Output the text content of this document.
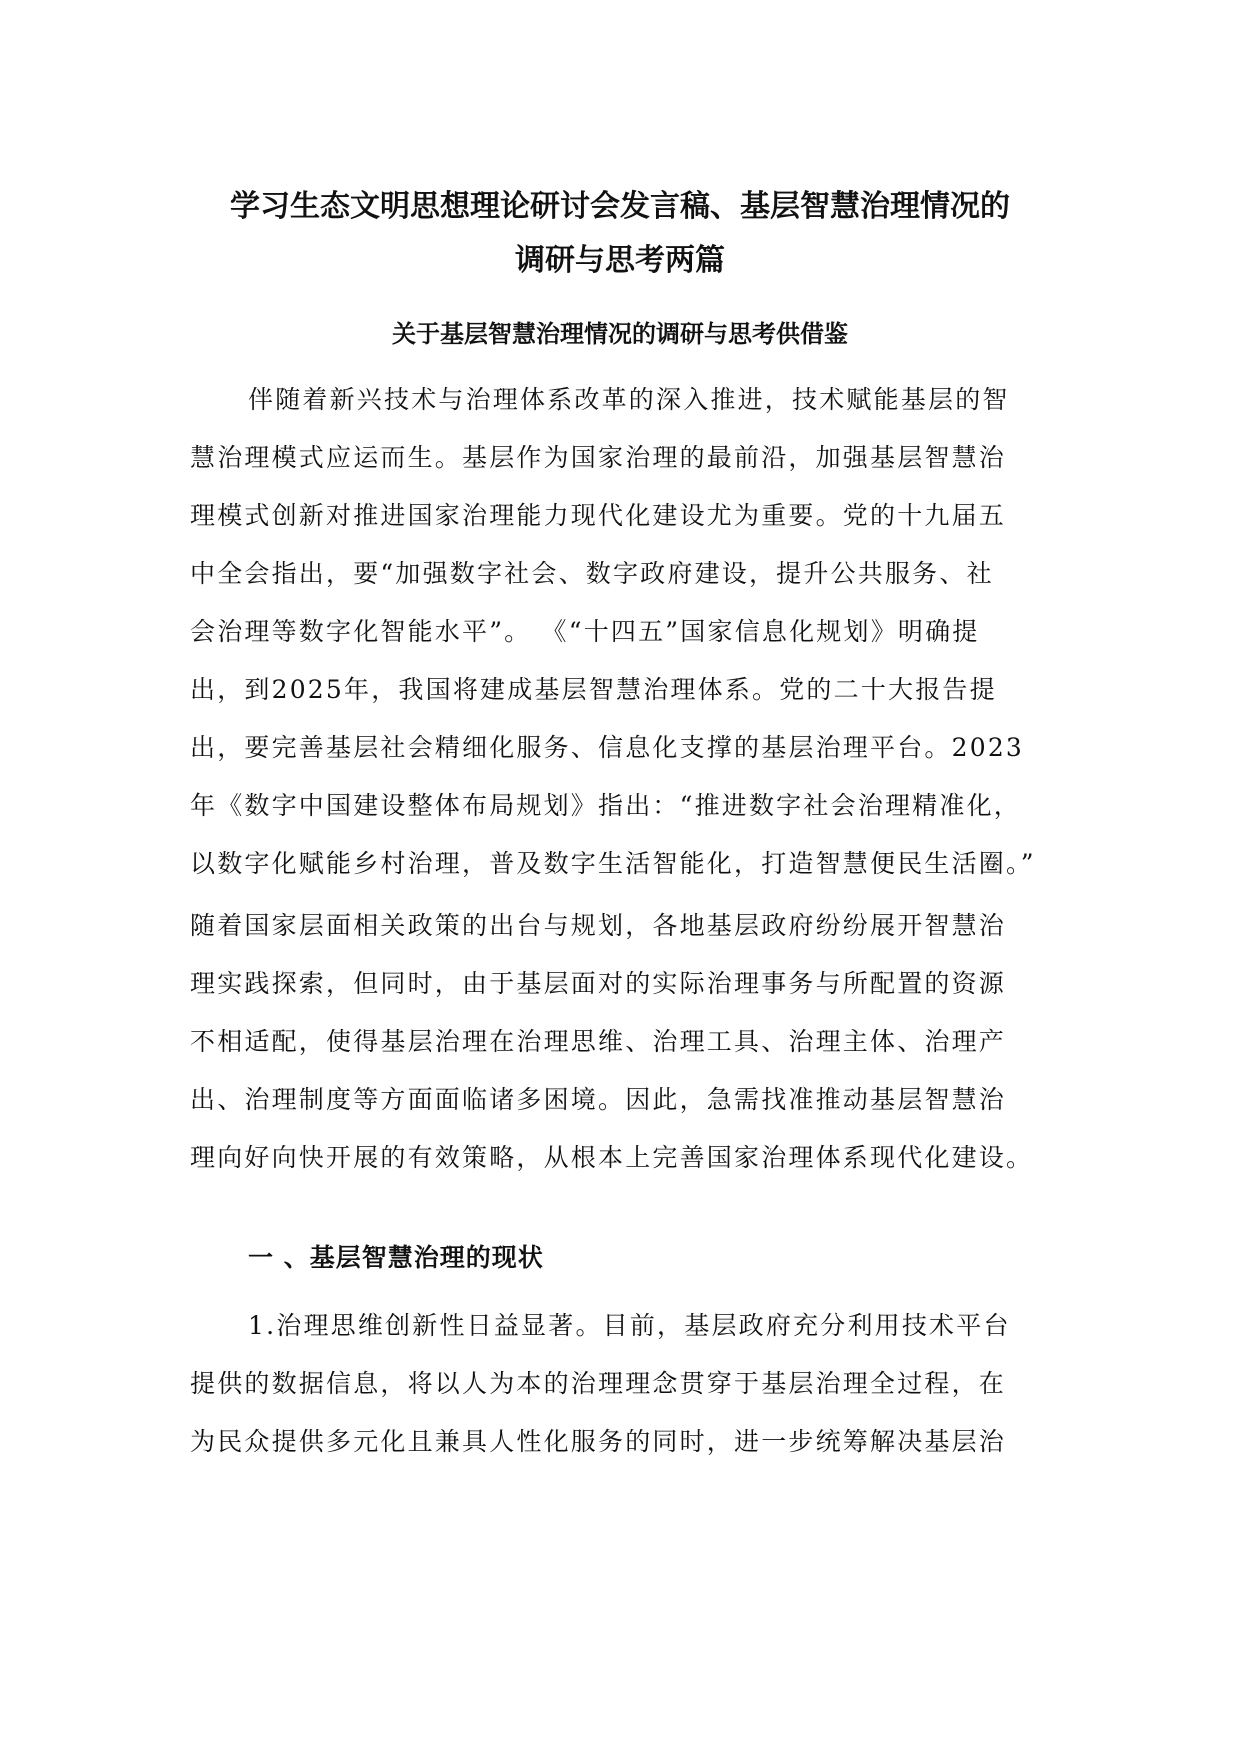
学习生态文明思想理论研讨会发言稿、基层智慧治理情况的
调研与思考两篇
关于基层智慧治理情况的调研与思考供借鉴
伴随着新兴技术与治理体系改革的深入推进，技术赋能基层的智
慧治理模式应运而生。基层作为国家治理的最前沿，加强基层智慧治
理模式创新对推进国家治理能力现代化建设尤为重要。党的十九届五
中全会指出，要“加强数字社会、数字政府建设，提升公共服务、社
会治理等数字化智能水平”。 《“十四五”国家信息化规划》明确提
出，到2025年，我国将建成基层智慧治理体系。党的二十大报告提
出，要完善基层社会精细化服务、信息化支撑的基层治理平台。2023
年《数字中国建设整体布局规划》指出：“推进数字社会治理精准化，
以数字化赋能乡村治理，普及数字生活智能化，打造智慧便民生活圈。”
随着国家层面相关政策的出台与规划，各地基层政府纷纷展开智慧治
理实践探索，但同时，由于基层面对的实际治理事务与所配置的资源
不相适配，使得基层治理在治理思维、治理工具、治理主体、治理产
出、治理制度等方面面临诸多困境。因此，急需找准推动基层智慧治
理向好向快开展的有效策略，从根本上完善国家治理体系现代化建设。
一 、基层智慧治理的现状
1.治理思维创新性日益显著。目前，基层政府充分利用技术平台
提供的数据信息，将以人为本的治理理念贯穿于基层治理全过程，在
为民众提供多元化且兼具人性化服务的同时，进一步统筹解决基层治
